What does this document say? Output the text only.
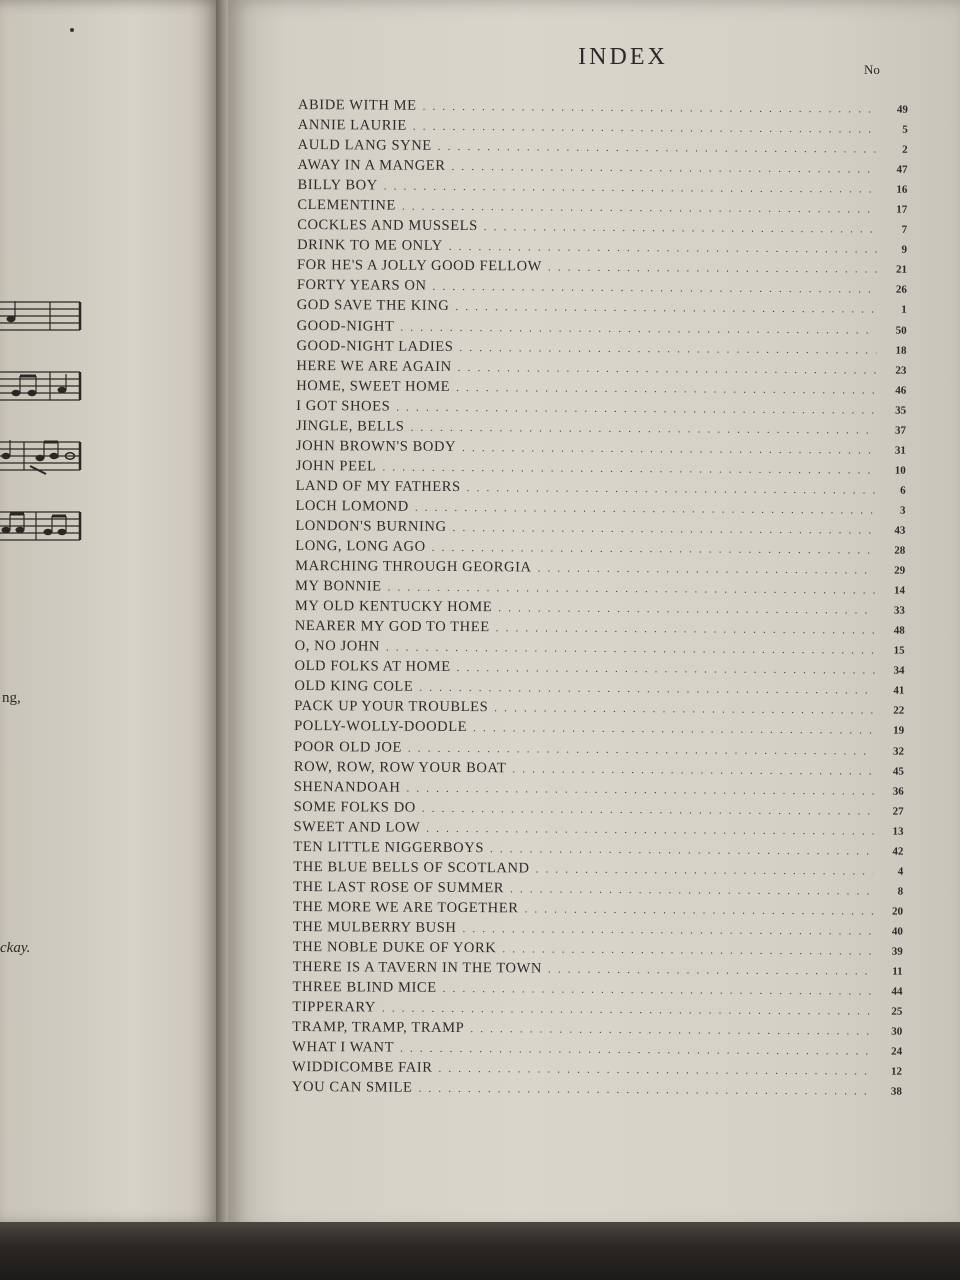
ng,
ckay.
INDEX	No
ABIDE WITH ME . . .	49
ANNIE LAURIE . . .	5
AULD LANG SYNE . . .	2
AWAY IN A MANGER . . .	47
BILLY BOY . . .	16
CLEMENTINE . . .	17
COCKLES AND MUSSELS . . .	7
DRINK TO ME ONLY . . .	9
FOR HE'S A JOLLY GOOD FELLOW . . .	21
FORTY YEARS ON . . .	26
GOD SAVE THE KING . . .	1
GOOD-NIGHT . . .	50
GOOD-NIGHT LADIES . . .	18
HERE WE ARE AGAIN . . .	23
HOME, SWEET HOME . . .	46
I GOT SHOES . . .	35
JINGLE, BELLS . . .	37
JOHN BROWN'S BODY . . .	31
JOHN PEEL . . .	10
LAND OF MY FATHERS . . .	6
LOCH LOMOND . . .	3
LONDON'S BURNING . . .	43
LONG, LONG AGO . . .	28
MARCHING THROUGH GEORGIA . . .	29
MY BONNIE . . .	14
MY OLD KENTUCKY HOME . . .	33
NEARER MY GOD TO THEE . . .	48
O, NO JOHN . . .	15
OLD FOLKS AT HOME . . .	34
OLD KING COLE . . .	41
PACK UP YOUR TROUBLES . . .	22
POLLY-WOLLY-DOODLE . . .	19
POOR OLD JOE . . .	32
ROW, ROW, ROW YOUR BOAT . . .	45
SHENANDOAH . . .	36
SOME FOLKS DO . . .	27
SWEET AND LOW . . .	13
TEN LITTLE NIGGERBOYS . . .	42
THE BLUE BELLS OF SCOTLAND . . .	4
THE LAST ROSE OF SUMMER . . .	8
THE MORE WE ARE TOGETHER . . .	20
THE MULBERRY BUSH . . .	40
THE NOBLE DUKE OF YORK . . .	39
THERE IS A TAVERN IN THE TOWN . . .	11
THREE BLIND MICE . . .	44
TIPPERARY . . .	25
TRAMP, TRAMP, TRAMP . . .	30
WHAT I WANT . . .	24
WIDDICOMBE FAIR . . .	12
YOU CAN SMILE . . .	38
